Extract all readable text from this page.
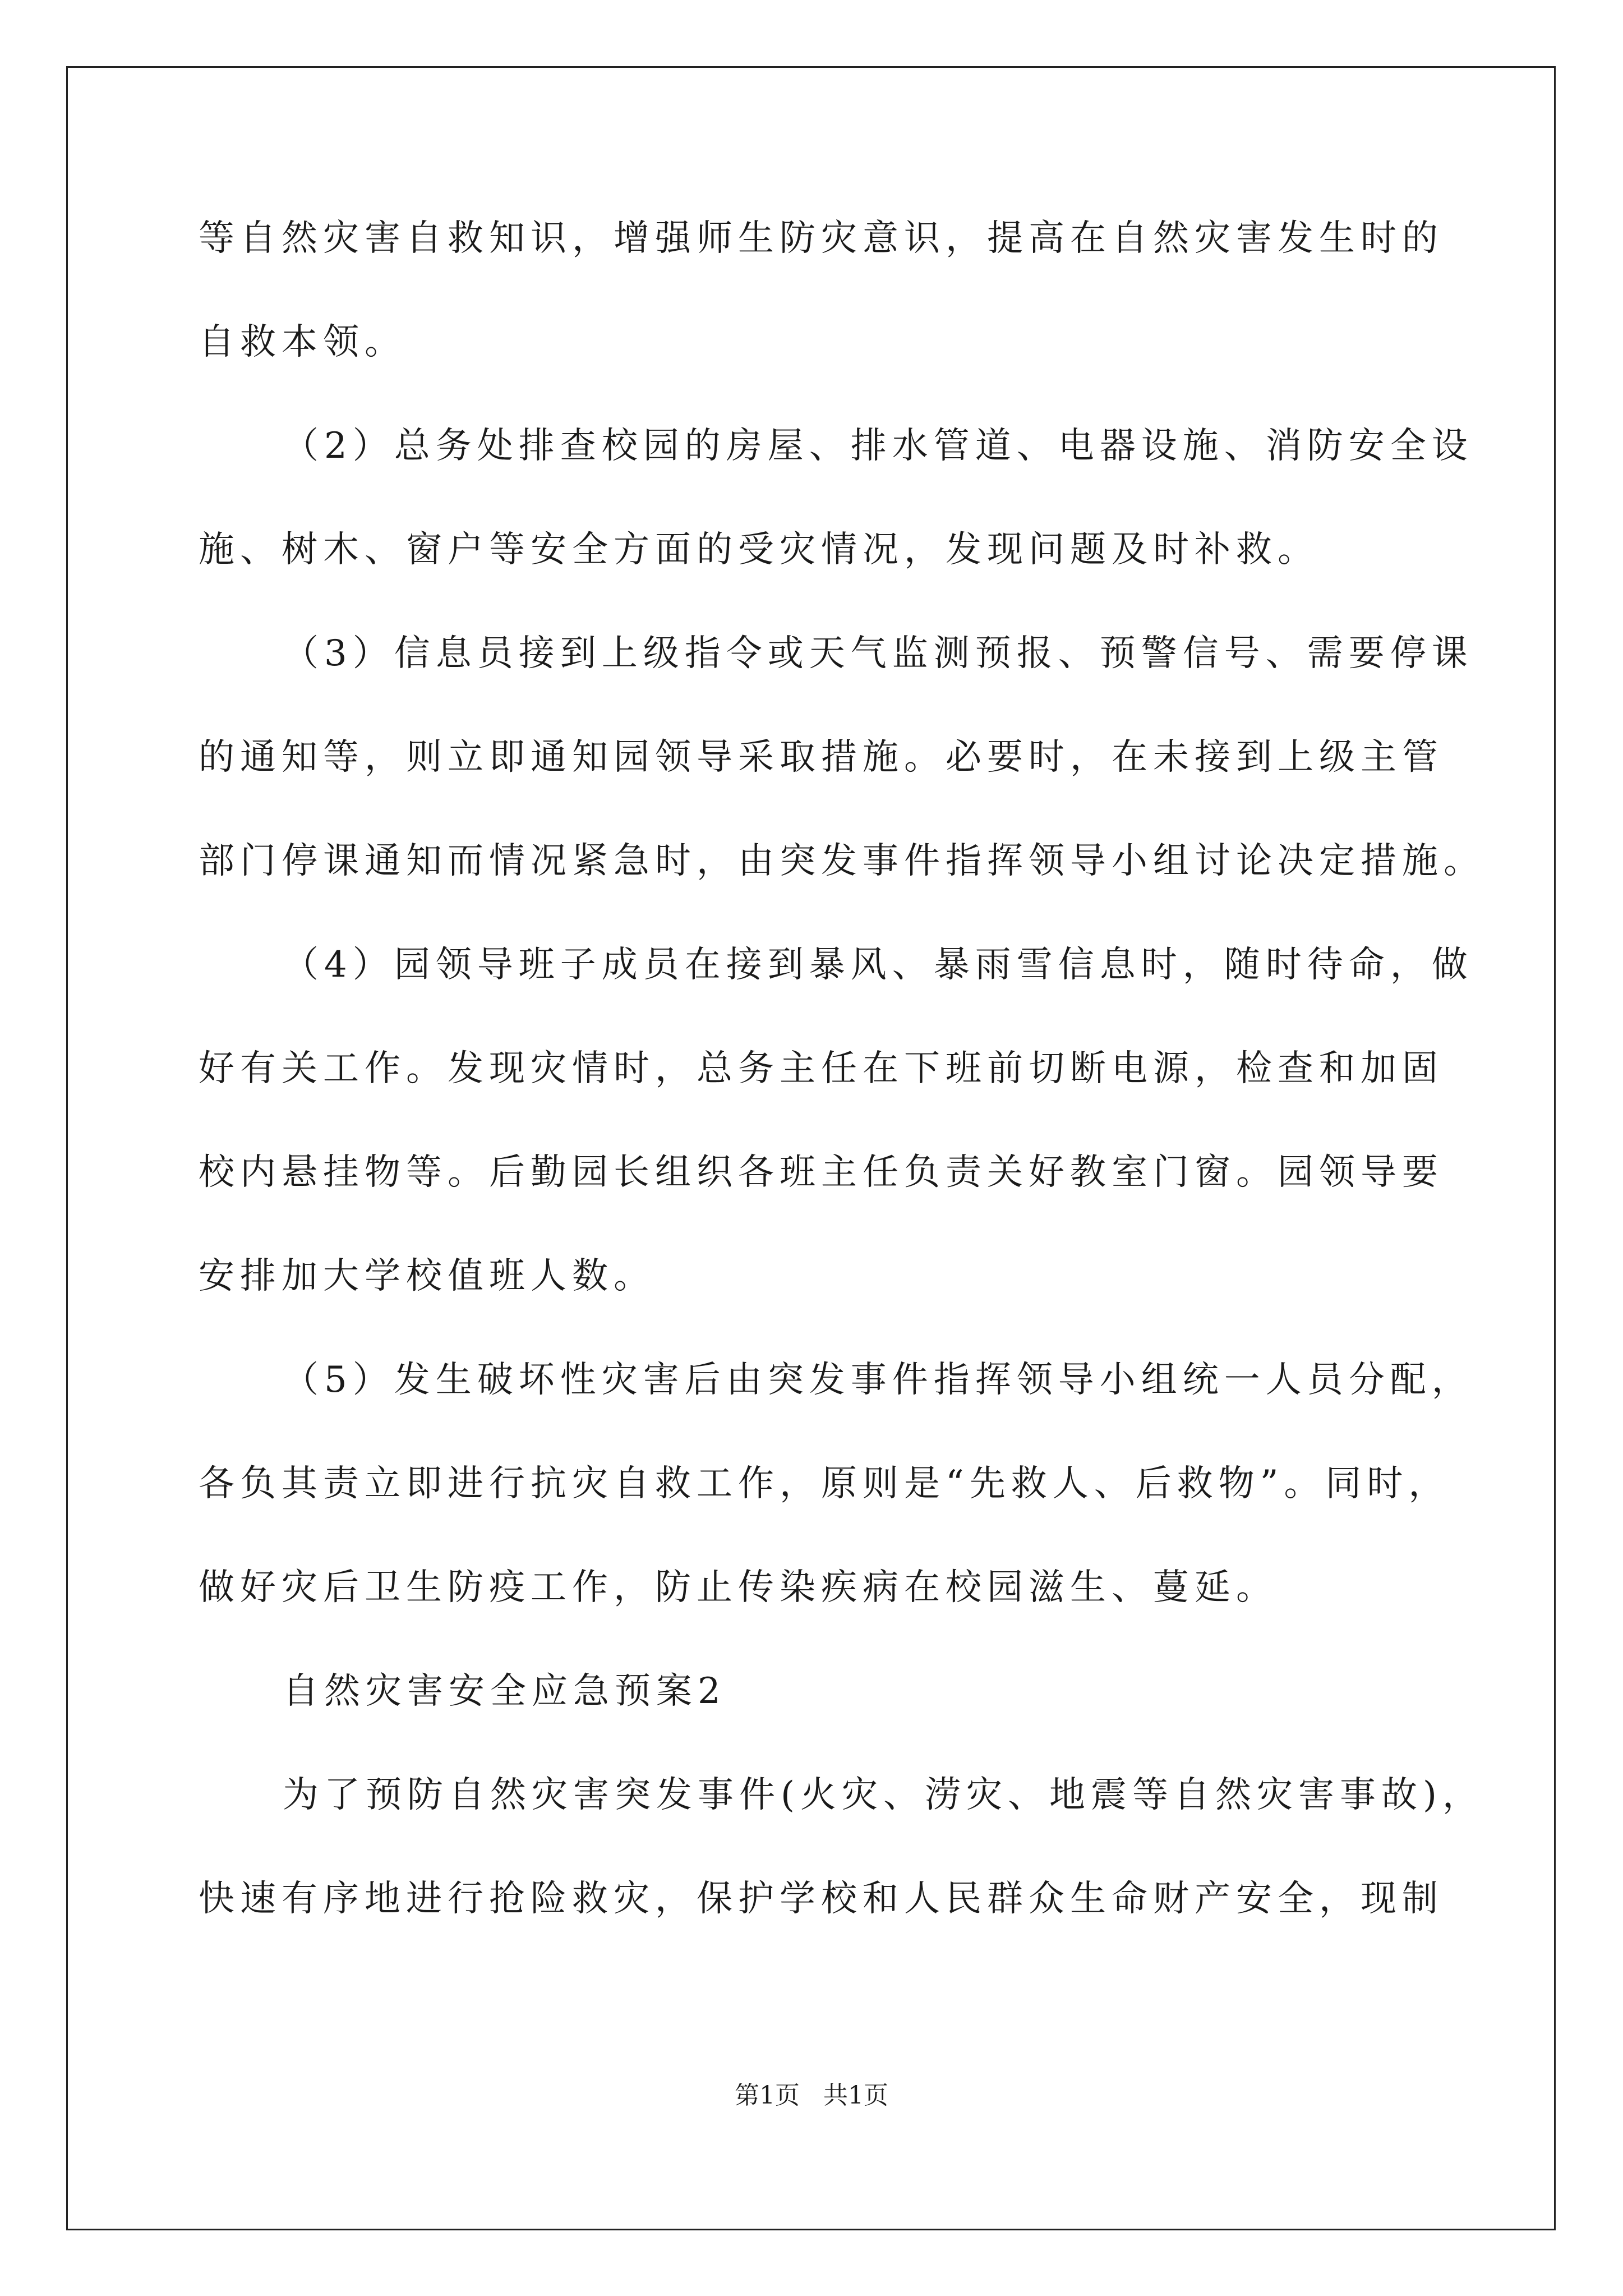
等自然灾害自救知识，增强师生防灾意识，提高在自然灾害发生时的
自救本领。
（2）总务处排查校园的房屋、排水管道、电器设施、消防安全设
施、树木、窗户等安全方面的受灾情况，发现问题及时补救。
（3）信息员接到上级指令或天气监测预报、预警信号、需要停课
的通知等，则立即通知园领导采取措施。必要时，在未接到上级主管
部门停课通知而情况紧急时，由突发事件指挥领导小组讨论决定措施。
（4）园领导班子成员在接到暴风、暴雨雪信息时，随时待命，做
好有关工作。发现灾情时，总务主任在下班前切断电源，检查和加固
校内悬挂物等。后勤园长组织各班主任负责关好教室门窗。园领导要
安排加大学校值班人数。
（5）发生破坏性灾害后由突发事件指挥领导小组统一人员分配，
各负其责立即进行抗灾自救工作，原则是“先救人、后救物”。同时，
做好灾后卫生防疫工作，防止传染疾病在校园滋生、蔓延。
自然灾害安全应急预案2
为了预防自然灾害突发事件(火灾、涝灾、地震等自然灾害事故)，
快速有序地进行抢险救灾，保护学校和人民群众生命财产安全，现制
第1页   共1页
